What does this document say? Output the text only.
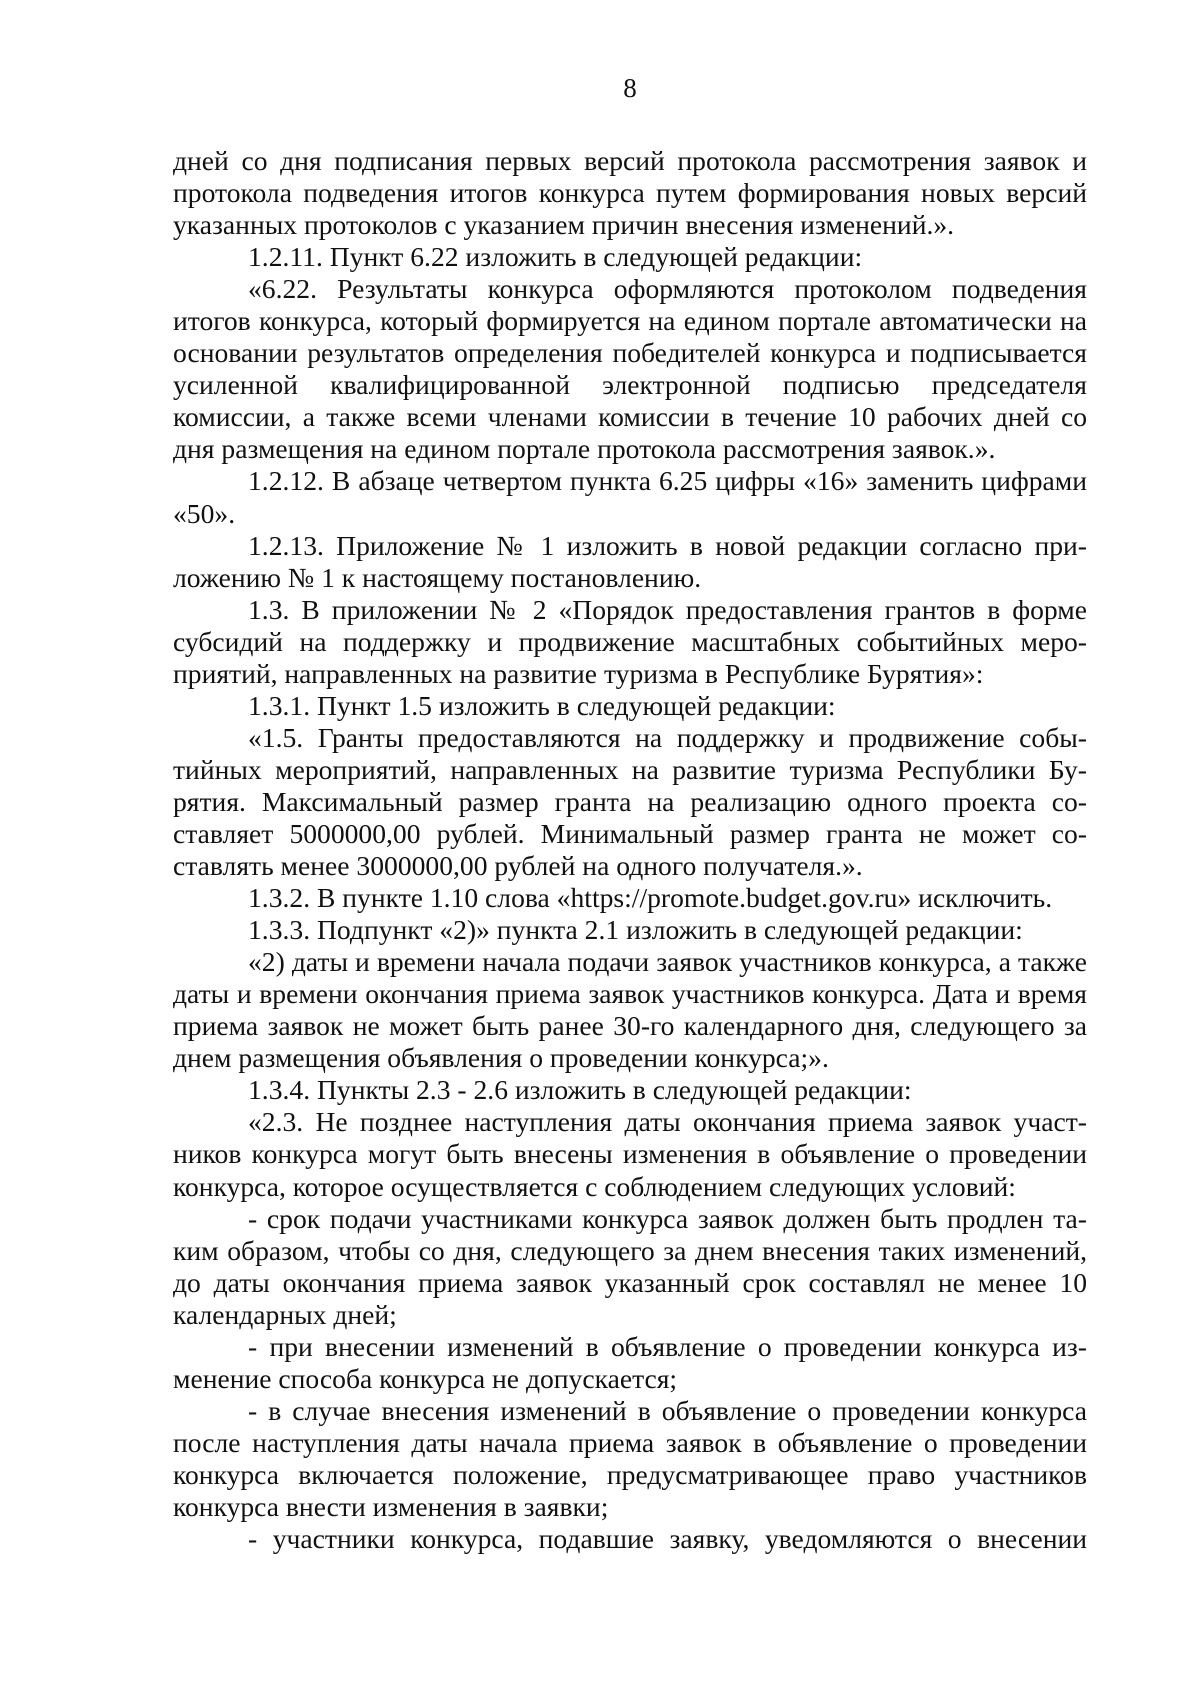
8

дней со дня подписания первых версий протокола рассмотрения заявок и протокола подведения итогов конкурса путем формирования новых версий указанных протоколов с указанием причин внесения изменений.».

1.2.11. Пункт 6.22 изложить в следующей редакции:

«6.22. Результаты конкурса оформляются протоколом подведения итогов конкурса, который формируется на едином портале автоматически на основании результатов определения победителей конкурса и подписывается усиленной квалифицированной электронной подписью председателя комиссии, а также всеми членами комиссии в течение 10 рабочих дней со дня размещения на едином портале протокола рассмотрения заявок.».

1.2.12. В абзаце четвертом пункта 6.25 цифры «16» заменить цифрами «50».

1.2.13. Приложение № 1 изложить в новой редакции согласно приложению № 1 к настоящему постановлению.

1.3. В приложении № 2 «Порядок предоставления грантов в форме субсидий на поддержку и продвижение масштабных событийных мероприятий, направленных на развитие туризма в Республике Бурятия»:

1.3.1. Пункт 1.5 изложить в следующей редакции:

«1.5. Гранты предоставляются на поддержку и продвижение событийных мероприятий, направленных на развитие туризма Республики Бурятия. Максимальный размер гранта на реализацию одного проекта составляет 5000000,00 рублей. Минимальный размер гранта не может составлять менее 3000000,00 рублей на одного получателя.».

1.3.2. В пункте 1.10 слова «https://promote.budget.gov.ru» исключить.

1.3.3. Подпункт «2)» пункта 2.1 изложить в следующей редакции:

«2) даты и времени начала подачи заявок участников конкурса, а также даты и времени окончания приема заявок участников конкурса. Дата и время приема заявок не может быть ранее 30-го календарного дня, следующего за днем размещения объявления о проведении конкурса;».

1.3.4. Пункты 2.3 - 2.6 изложить в следующей редакции:

«2.3. Не позднее наступления даты окончания приема заявок участников конкурса могут быть внесены изменения в объявление о проведении конкурса, которое осуществляется с соблюдением следующих условий:

- срок подачи участниками конкурса заявок должен быть продлен таким образом, чтобы со дня, следующего за днем внесения таких изменений, до даты окончания приема заявок указанный срок составлял не менее 10 календарных дней;

- при внесении изменений в объявление о проведении конкурса изменение способа конкурса не допускается;

- в случае внесения изменений в объявление о проведении конкурса после наступления даты начала приема заявок в объявление о проведении конкурса включается положение, предусматривающее право участников конкурса внести изменения в заявки;

- участники конкурса, подавшие заявку, уведомляются о внесении
